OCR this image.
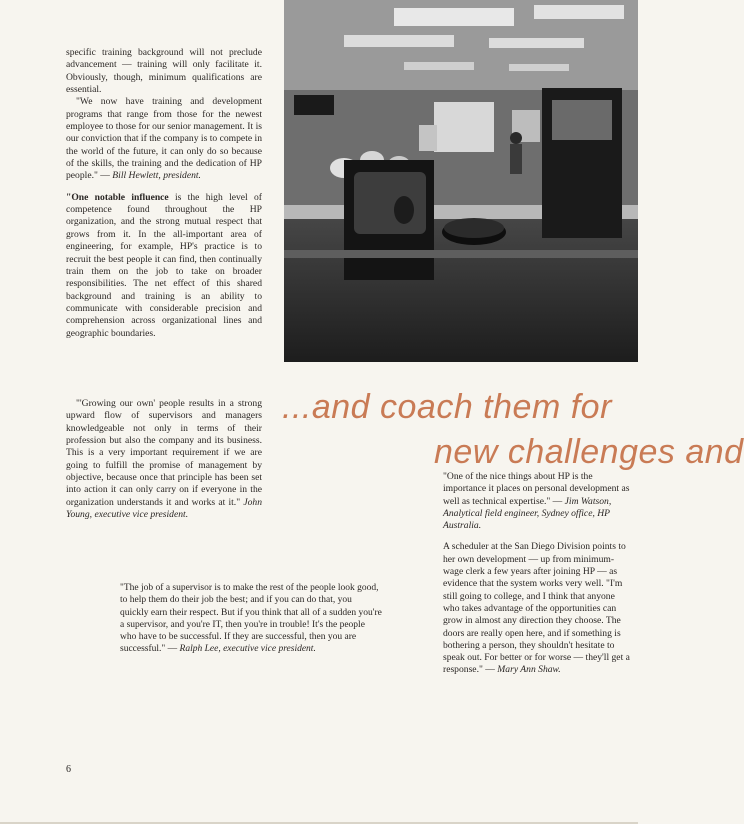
specific training background will not preclude advancement — training will only facilitate it. Obviously, though, minimum qualifications are essential.

"We now have training and development programs that range from those for the newest employee to those for our senior management. It is our conviction that if the company is to compete in the world of the future, it can only do so because of the skills, the training and the dedication of HP people." — Bill Hewlett, president.

"One notable influence is the high level of competence found throughout the HP organization, and the strong mutual respect that grows from it. In the all-important area of engineering, for example, HP's practice is to recruit the best people it can find, then continually train them on the job to take on broader responsibilities. The net effect of this shared background and training is an ability to communicate with considerable precision and comprehension across organizational lines and geographic boundaries.

"'Growing our own' people results in a strong upward flow of supervisors and managers knowledgeable not only in terms of their profession but also the company and its business. This is a very important requirement if we are going to fulfill the promise of management by objective, because once that principle has been set into action it can only carry on if everyone in the organization understands it and works at it." John Young, executive vice president.

...and coach them for
new challenges and

"The job of a supervisor is to make the rest of the people look good, to help them do their job the best; and if you can do that, you quickly earn their respect. But if you think that all of a sudden you're a supervisor, and you're IT, then you're in trouble! It's the people who have to be successful. If they are successful, then you are successful." — Ralph Lee, executive vice president.

"One of the nice things about HP is the importance it places on personal development as well as technical expertise." — Jim Watson, Analytical field engineer, Sydney office, HP Australia.

A scheduler at the San Diego Division points to her own development — up from minimum-wage clerk a few years after joining HP — as evidence that the system works very well. "I'm still going to college, and I think that anyone who takes advantage of the opportunities can grow in almost any direction they choose. The doors are really open here, and if something is bothering a person, they shouldn't hesitate to speak out. For better or for worse — they'll get a response." — Mary Ann Shaw.

6
